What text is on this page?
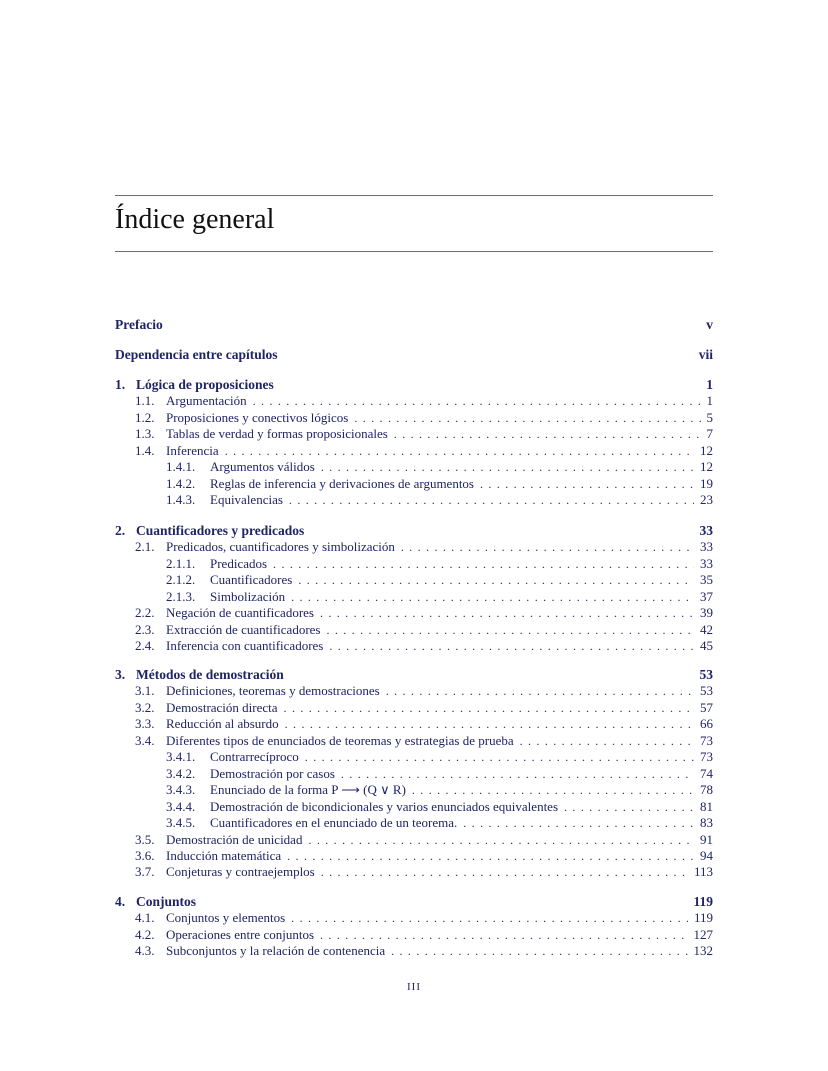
Índice general
Prefacio	v
Dependencia entre capítulos	vii
1. Lógica de proposiciones	1
1.1. Argumentación . . .	1
1.2. Proposiciones y conectivos lógicos . . .	5
1.3. Tablas de verdad y formas proposicionales . . .	7
1.4. Inferencia . . .	12
1.4.1.	Argumentos válidos . . .	12
1.4.2.	Reglas de inferencia y derivaciones de argumentos . . .	19
1.4.3.	Equivalencias . . .	23
2. Cuantificadores y predicados	33
2.1. Predicados, cuantificadores y simbolización . . .	33
2.1.1.	Predicados . . .	33
2.1.2.	Cuantificadores . . .	35
2.1.3.	Simbolización . . .	37
2.2. Negación de cuantificadores . . .	39
2.3. Extracción de cuantificadores . . .	42
2.4. Inferencia con cuantificadores . . .	45
3. Métodos de demostración	53
3.1. Definiciones, teoremas y demostraciones . . .	53
3.2. Demostración directa . . .	57
3.3. Reducción al absurdo . . .	66
3.4. Diferentes tipos de enunciados de teoremas y estrategias de prueba . . .	73
3.4.1.	Contrarrecíproco . . .	73
3.4.2.	Demostración por casos . . .	74
3.4.3.	Enunciado de la forma P ⟶ (Q ∨ R) . . .	78
3.4.4.	Demostración de bicondicionales y varios enunciados equivalentes . . .	81
3.4.5.	Cuantificadores en el enunciado de un teorema. . . .	83
3.5. Demostración de unicidad . . .	91
3.6. Inducción matemática . . .	94
3.7. Conjeturas y contraejemplos . . .	113
4. Conjuntos	119
4.1. Conjuntos y elementos . . .	119
4.2. Operaciones entre conjuntos . . .	127
4.3. Subconjuntos y la relación de contenencia . . .	132
III
